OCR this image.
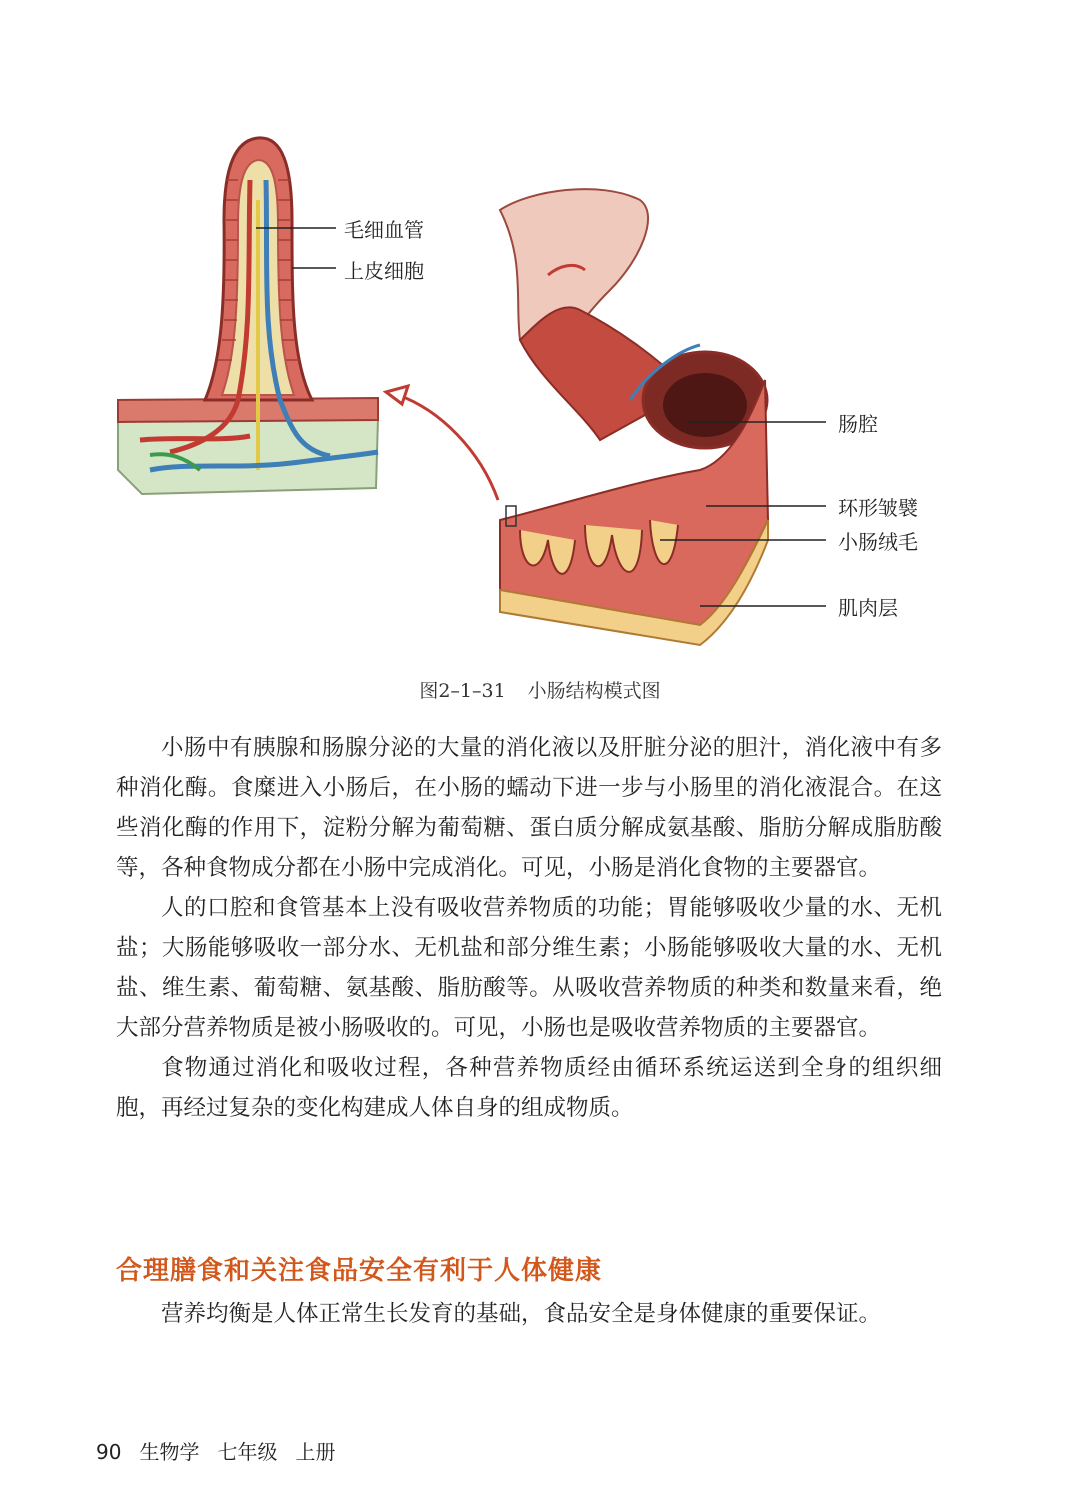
毛细血管
上皮细胞
肠腔
环形皱襞
小肠绒毛
肌肉层
图2–1–31 小肠结构模式图

小肠中有胰腺和肠腺分泌的大量的消化液以及肝脏分泌的胆汁，消化液中有多种消化酶。食糜进入小肠后，在小肠的蠕动下进一步与小肠里的消化液混合。在这些消化酶的作用下，淀粉分解为葡萄糖、蛋白质分解成氨基酸、脂肪分解成脂肪酸等，各种食物成分都在小肠中完成消化。可见，小肠是消化食物的主要器官。

人的口腔和食管基本上没有吸收营养物质的功能；胃能够吸收少量的水、无机盐；大肠能够吸收一部分水、无机盐和部分维生素；小肠能够吸收大量的水、无机盐、维生素、葡萄糖、氨基酸、脂肪酸等。从吸收营养物质的种类和数量来看，绝大部分营养物质是被小肠吸收的。可见，小肠也是吸收营养物质的主要器官。

食物通过消化和吸收过程，各种营养物质经由循环系统运送到全身的组织细胞，再经过复杂的变化构建成人体自身的组成物质。

合理膳食和关注食品安全有利于人体健康

营养均衡是人体正常生长发育的基础，食品安全是身体健康的重要保证。

90 生物学 七年级 上册
